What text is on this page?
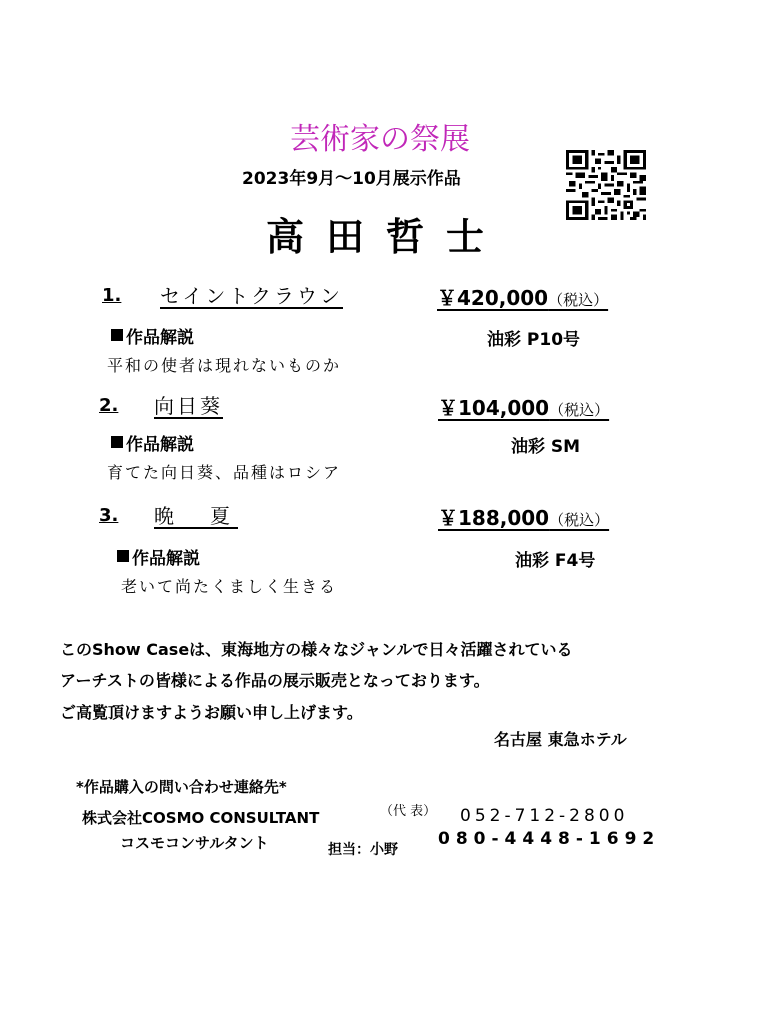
芸術家の祭展
2023年9月～10月展示作品
高田哲士
1. セイントクラウン	￥420,000（税込）
作品解説	油彩 P10号
平和の使者は現れないものか
2. 向日葵	￥104,000（税込）
作品解説	油彩 SM
育てた向日葵、品種はロシア
3. 晩　夏	￥188,000（税込）
作品解説	油彩 F4号
老いて尚たくましく生きる
このShow Caseは、東海地方の様々なジャンルで日々活躍されている
アーチストの皆様による作品の展示販売となっております。
ご高覧頂けますようお願い申し上げます。
名古屋 東急ホテル
*作品購入の問い合わせ連絡先*
株式会社COSMO CONSULTANT	（代 表） 052-712-2800
コスモコンサルタント	担当：小野
080-4448-1692
